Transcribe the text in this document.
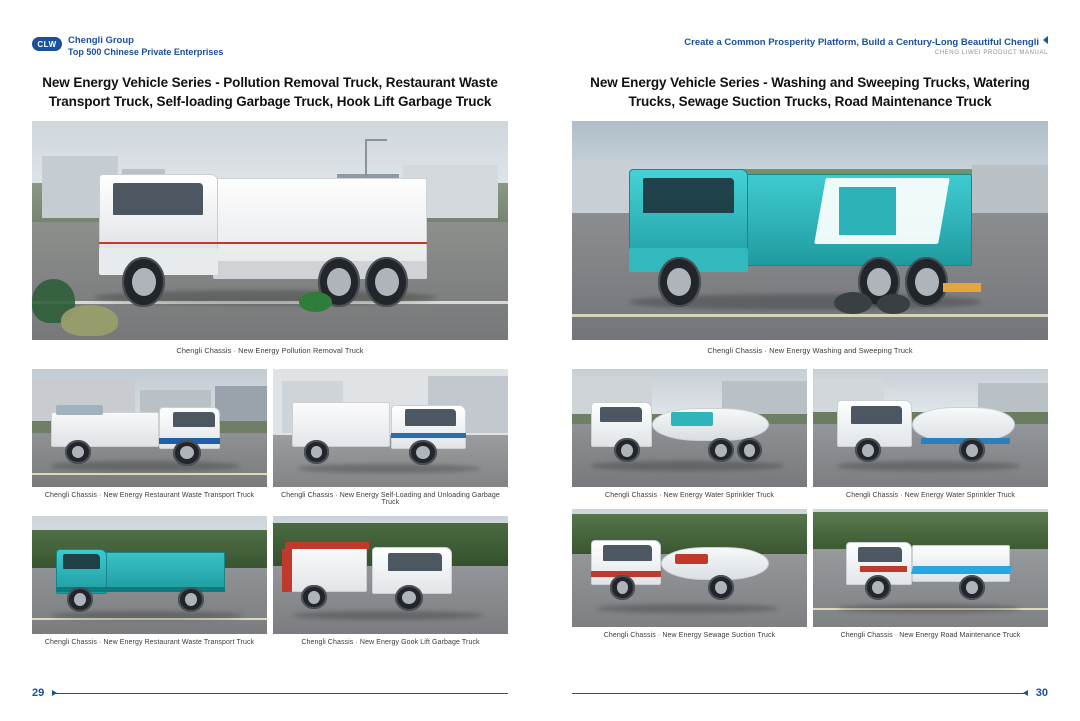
CLW	Chengli Group
Top 500 Chinese Private Enterprises
New Energy Vehicle Series - Pollution Removal Truck, Restaurant Waste Transport Truck, Self-loading Garbage Truck, Hook Lift Garbage Truck
Chengli Chassis · New Energy Pollution Removal Truck
Chengli Chassis · New Energy Restaurant Waste Transport Truck	Chengli Chassis · New Energy Self-Loading and Unloading Garbage Truck
Chengli Chassis · New Energy Restaurant Waste Transport Truck	Chengli Chassis · New Energy Gook Lift Garbage Truck
29
Create a Common Prosperity Platform, Build a Century-Long Beautiful Chengli
CHENG LIWEI PRODUCT MANUAL
New Energy Vehicle Series - Washing and Sweeping Trucks, Watering Trucks, Sewage Suction Trucks, Road Maintenance Truck
Chengli Chassis · New Energy Washing and Sweeping Truck
Chengli Chassis · New Energy Water Sprinkler Truck	Chengli Chassis · New Energy Water Sprinkler Truck
Chengli Chassis · New Energy Sewage Suction Truck	Chengli Chassis · New Energy Road Maintenance Truck
30
